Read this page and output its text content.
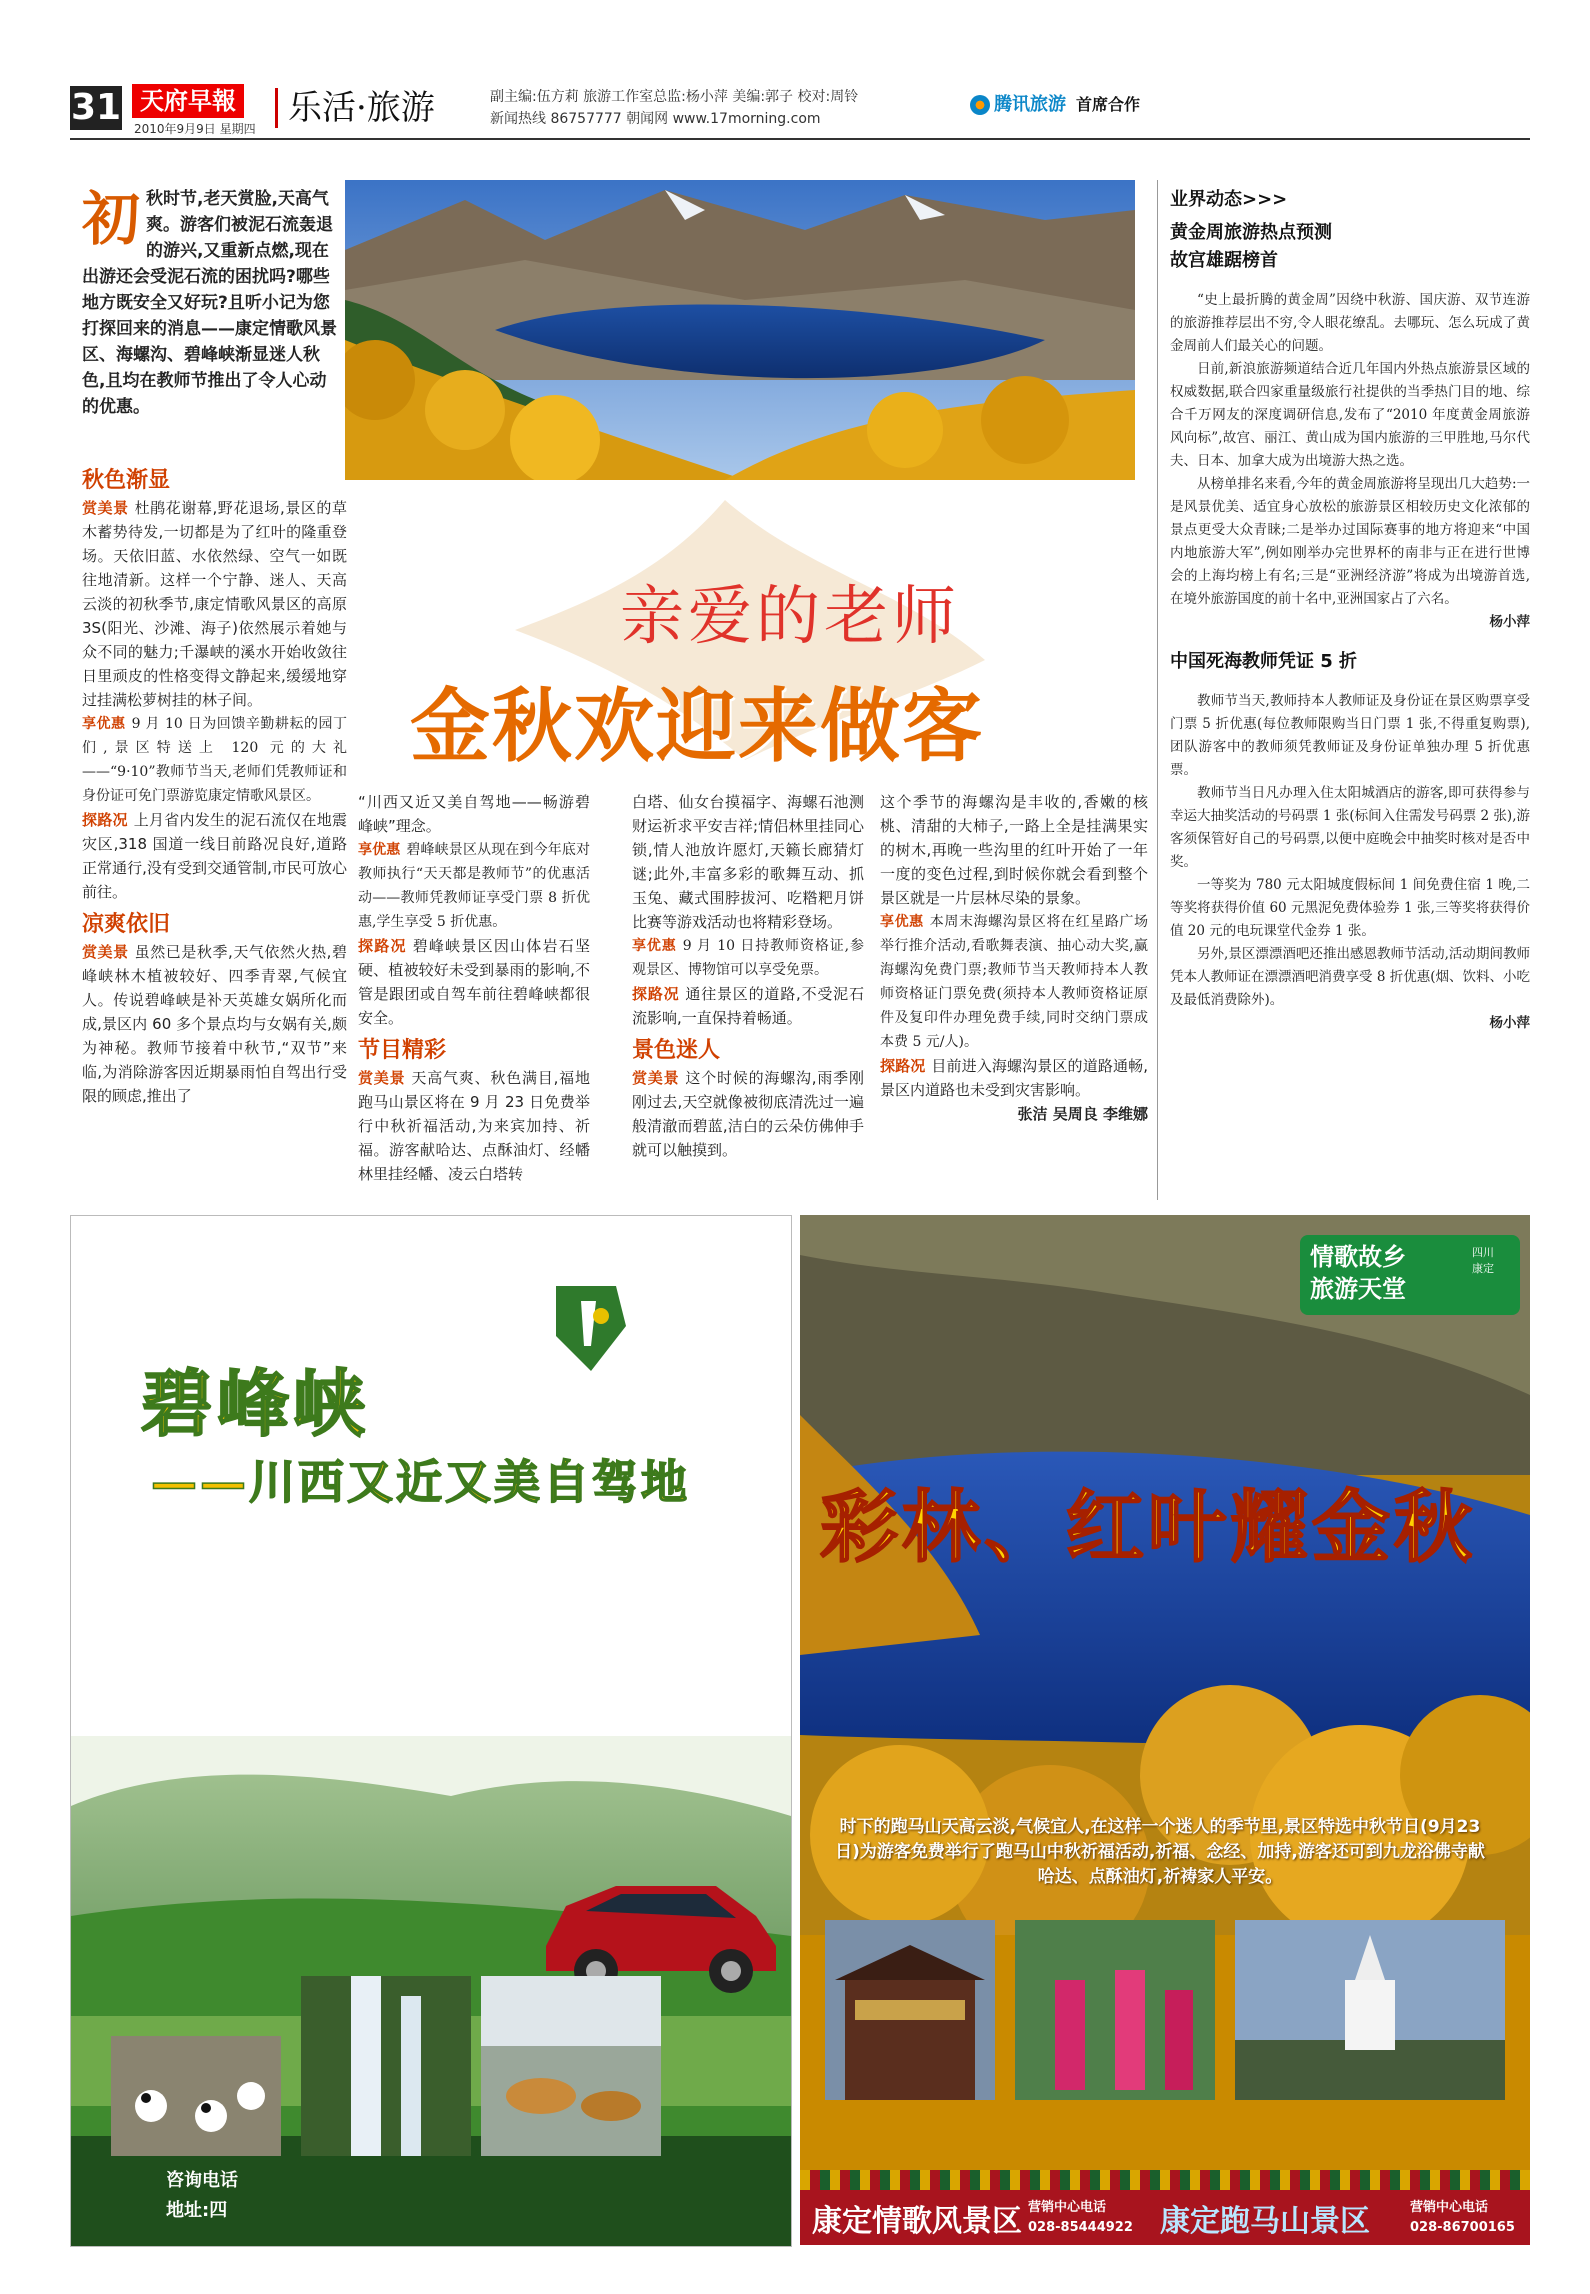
31 天府早報
2010年9月9日 星期四
乐活·旅游	副主编:伍方莉 旅游工作室总监:杨小萍 美编:郭子 校对:周铃
新闻热线 86757777 朝闻网 www.17morning.com
腾讯旅游 首席合作
初秋时节,老天赏脸,天高气爽。游客们被泥石流轰退的游兴,又重新点燃,现在出游还会受泥石流的困扰吗?哪些地方既安全又好玩?且听小记为您打探回来的消息——康定情歌风景区、海螺沟、碧峰峡渐显迷人秋色,且均在教师节推出了令人心动的优惠。
亲爱的老师
金秋欢迎来做客
秋色渐显

赏美景 杜鹃花谢幕,野花退场,景区的草木蓄势待发,一切都是为了红叶的隆重登场。天依旧蓝、水依然绿、空气一如既往地清新。这样一个宁静、迷人、天高云淡的初秋季节,康定情歌风景区的高原 3S(阳光、沙滩、海子)依然展示着她与众不同的魅力;千瀑峡的溪水开始收敛往日里顽皮的性格变得文静起来,缓缓地穿过挂满松萝树挂的林子间。

享优惠 9 月 10 日为回馈辛勤耕耘的园丁们,景区特送上 120 元的大礼——“9·10”教师节当天,老师们凭教师证和身份证可免门票游览康定情歌风景区。

探路况 上月省内发生的泥石流仅在地震灾区,318 国道一线目前路况良好,道路正常通行,没有受到交通管制,市民可放心前往。

凉爽依旧

赏美景 虽然已是秋季,天气依然火热,碧峰峡林木植被较好、四季青翠,气候宜人。传说碧峰峡是补天英雄女娲所化而成,景区内 60 多个景点均与女娲有关,颇为神秘。教师节接着中秋节,“双节”来临,为消除游客因近期暴雨怕自驾出行受限的顾虑,推出了

“川西又近又美自驾地——畅游碧峰峡”理念。

享优惠 碧峰峡景区从现在到今年底对教师执行“天天都是教师节”的优惠活动——教师凭教师证享受门票 8 折优惠,学生享受 5 折优惠。

探路况 碧峰峡景区因山体岩石坚硬、植被较好未受到暴雨的影响,不管是跟团或自驾车前往碧峰峡都很安全。

节目精彩

赏美景 天高气爽、秋色满目,福地跑马山景区将在 9 月 23 日免费举行中秋祈福活动,为来宾加持、祈福。游客献哈达、点酥油灯、经幡林里挂经幡、凌云白塔转

白塔、仙女台摸福字、海螺石池测财运祈求平安吉祥;情侣林里挂同心锁,情人池放许愿灯,天籁长廊猜灯谜;此外,丰富多彩的歌舞互动、抓玉兔、藏式围脖拔河、吃糌粑月饼比赛等游戏活动也将精彩登场。

享优惠 9 月 10 日持教师资格证,参观景区、博物馆可以享受免票。

探路况 通往景区的道路,不受泥石流影响,一直保持着畅通。

景色迷人

赏美景 这个时候的海螺沟,雨季刚刚过去,天空就像被彻底清洗过一遍般清澈而碧蓝,洁白的云朵仿佛伸手就可以触摸到。

这个季节的海螺沟是丰收的,香嫩的核桃、清甜的大柿子,一路上全是挂满果实的树木,再晚一些沟里的红叶开始了一年一度的变色过程,到时候你就会看到整个景区就是一片层林尽染的景象。

享优惠 本周末海螺沟景区将在红星路广场举行推介活动,看歌舞表演、抽心动大奖,赢海螺沟免费门票;教师节当天教师持本人教师资格证门票免费(须持本人教师资格证原件及复印件办理免费手续,同时交纳门票成本费 5 元/人)。

探路况 目前进入海螺沟景区的道路通畅,景区内道路也未受到灾害影响。

张洁 吴周良 李维娜

业界动态>>>
黄金周旅游热点预测
故宫雄踞榜首
“史上最折腾的黄金周”因绕中秋游、国庆游、双节连游的旅游推荐层出不穷,令人眼花缭乱。去哪玩、怎么玩成了黄金周前人们最关心的问题。
日前,新浪旅游频道结合近几年国内外热点旅游景区域的权威数据,联合四家重量级旅行社提供的当季热门目的地、综合千万网友的深度调研信息,发布了“2010 年度黄金周旅游风向标”,故宫、丽江、黄山成为国内旅游的三甲胜地,马尔代夫、日本、加拿大成为出境游大热之选。
从榜单排名来看,今年的黄金周旅游将呈现出几大趋势:一是风景优美、适宜身心放松的旅游景区相较历史文化浓郁的景点更受大众青睐;二是举办过国际赛事的地方将迎来“中国内地旅游大军”,例如刚举办完世界杯的南非与正在进行世博会的上海均榜上有名;三是“亚洲经济游”将成为出境游首选,在境外旅游国度的前十名中,亚洲国家占了六名。
杨小萍
中国死海教师凭证 5 折
教师节当天,教师持本人教师证及身份证在景区购票享受门票 5 折优惠(每位教师限购当日门票 1 张,不得重复购票),团队游客中的教师须凭教师证及身份证单独办理 5 折优惠票。
教师节当日凡办理入住太阳城酒店的游客,即可获得参与幸运大抽奖活动的号码票 1 张(标间入住需发号码票 2 张),游客须保管好自己的号码票,以便中庭晚会中抽奖时核对是否中奖。
一等奖为 780 元太阳城度假标间 1 间免费住宿 1 晚,二等奖将获得价值 60 元黑泥免费体验券 1 张,三等奖将获得价值 20 元的电玩课堂代金券 1 张。
另外,景区漂漂酒吧还推出感恩教师节活动,活动期间教师凭本人教师证在漂漂酒吧消费享受 8 折优惠(烟、饮料、小吃及最低消费除外)。
杨小萍
碧峰峡
——川西又近又美自驾地
咨询电话
地址:四
情歌故乡
旅游天堂
四川
康定
彩林、红叶耀金秋
时下的跑马山天高云淡,气候宜人,在这样一个迷人的季节里,景区特选中秋节日(9月23日)为游客免费举行了跑马山中秋祈福活动,祈福、念经、加持,游客还可到九龙浴佛寺献哈达、点酥油灯,祈祷家人平安。
康定情歌风景区 营销中心电话
028-85444922 康定跑马山景区	营销中心电话
028-86700165
